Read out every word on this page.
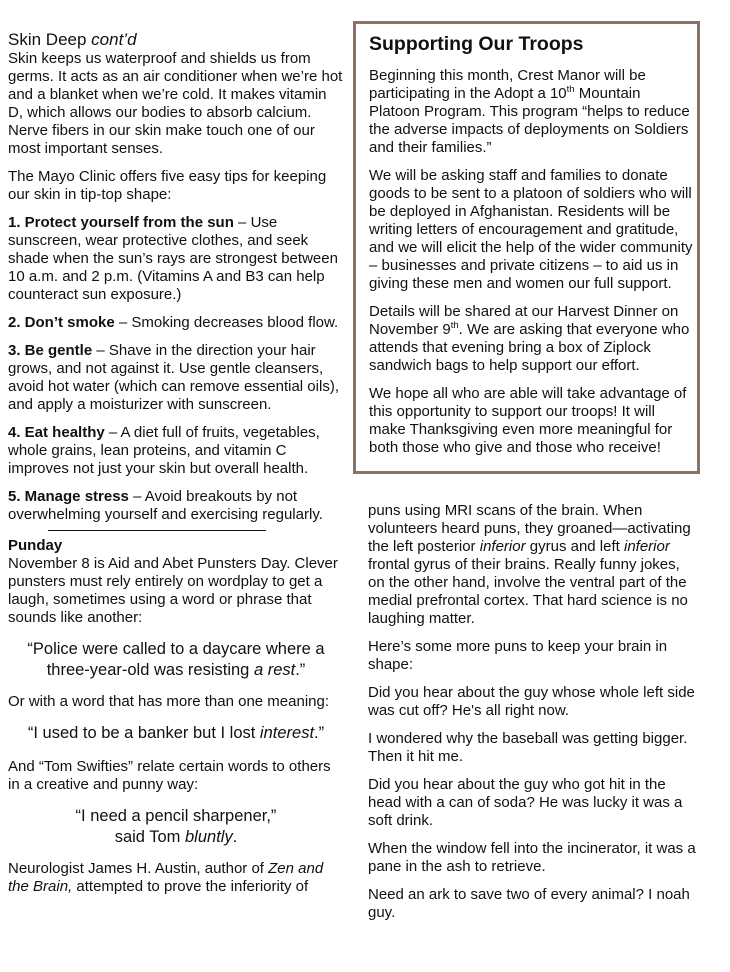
Skin Deep cont’d

Skin keeps us waterproof and shields us from germs. It acts as an air conditioner when we’re hot and a blanket when we’re cold. It makes vitamin D, which allows our bodies to absorb calcium. Nerve fibers in our skin make touch one of our most important senses.

The Mayo Clinic offers five easy tips for keeping our skin in tip-top shape:

1. Protect yourself from the sun – Use sunscreen, wear protective clothes, and seek shade when the sun’s rays are strongest between 10 a.m. and 2 p.m. (Vitamins A and B3 can help counteract sun exposure.)

2. Don’t smoke – Smoking decreases blood flow.

3. Be gentle – Shave in the direction your hair grows, and not against it. Use gentle cleansers, avoid hot water (which can remove essential oils), and apply a moisturizer with sunscreen.

4. Eat healthy – A diet full of fruits, vegetables, whole grains, lean proteins, and vitamin C improves not just your skin but overall health.

5. Manage stress – Avoid breakouts by not overwhelming yourself and exercising regularly.

Punday

November 8 is Aid and Abet Punsters Day. Clever punsters must rely entirely on wordplay to get a laugh, sometimes using a word or phrase that sounds like another:

“Police were called to a daycare where a three-year-old was resisting a rest.”

Or with a word that has more than one meaning:

“I used to be a banker but I lost interest.”

And “Tom Swifties” relate certain words to others in a creative and punny way:

“I need a pencil sharpener,”
said Tom bluntly.

Neurologist James H. Austin, author of Zen and the Brain, attempted to prove the inferiority of

Supporting Our Troops

Beginning this month, Crest Manor will be participating in the Adopt a 10th Mountain Platoon Program. This program “helps to reduce the adverse impacts of deployments on Soldiers and their families.”

We will be asking staff and families to donate goods to be sent to a platoon of soldiers who will be deployed in Afghanistan. Residents will be writing letters of encouragement and gratitude, and we will elicit the help of the wider community – businesses and private citizens – to aid us in giving these men and women our full support.

Details will be shared at our Harvest Dinner on November 9th. We are asking that everyone who attends that evening bring a box of Ziplock sandwich bags to help support our effort.

We hope all who are able will take advantage of this opportunity to support our troops! It will make Thanksgiving even more meaningful for both those who give and those who receive!

puns using MRI scans of the brain. When volunteers heard puns, they groaned—activating the left posterior inferior gyrus and left inferior frontal gyrus of their brains. Really funny jokes, on the other hand, involve the ventral part of the medial prefrontal cortex. That hard science is no laughing matter.

Here’s some more puns to keep your brain in shape:

Did you hear about the guy whose whole left side was cut off? He's all right now.

I wondered why the baseball was getting bigger. Then it hit me.

Did you hear about the guy who got hit in the head with a can of soda? He was lucky it was a soft drink.

When the window fell into the incinerator, it was a pane in the ash to retrieve.

Need an ark to save two of every animal? I noah guy.
